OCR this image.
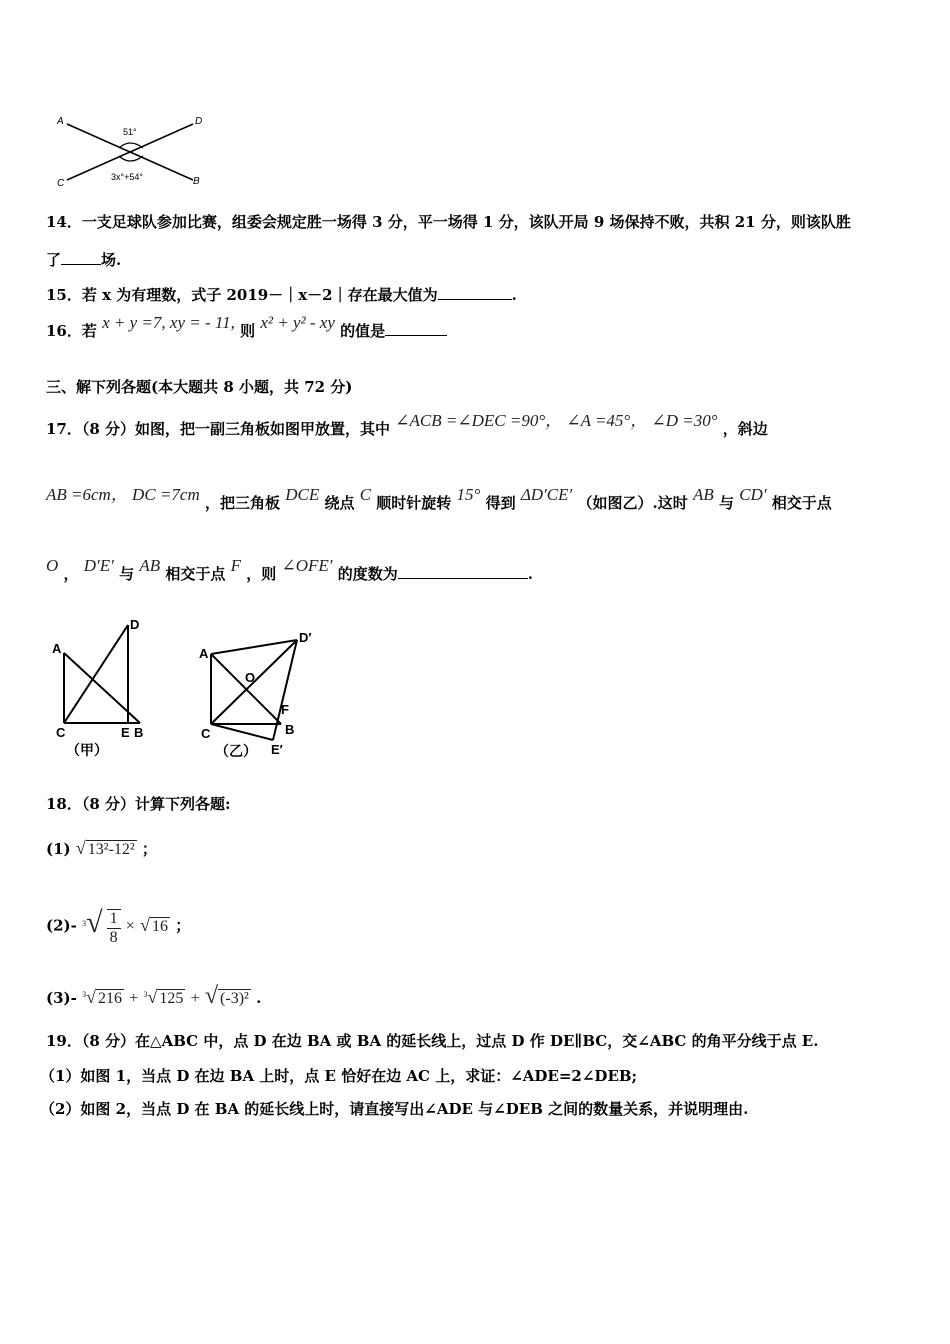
A	D
C	B
51°
3x°+54°
14．一支足球队参加比赛，组委会规定胜一场得 3 分，平一场得 1 分，该队开局 9 场保持不败，共积 21 分，则该队胜
了	场.
15．若 x 为有理数，式子 2019－｜x－2｜存在最大值为	.
16．若 x + y =7, xy = - 11, 则 x² + y² - xy 的值是
三、解下列各题(本大题共 8 小题，共 72 分)
17．（8 分）如图，把一副三角板如图甲放置，其中 ∠ACB =∠DEC =90°， ∠A =45°， ∠D =30° ，斜边
AB =6cm， DC =7cm ，把三角板 DCE 绕点 C 顺时针旋转 15° 得到 ΔD′CE′ （如图乙）.这时 AB 与 CD′ 相交于点
O ， D′E′ 与 AB 相交于点 F ，则 ∠OFE′ 的度数为	.
A
D
C	E B
（甲）
A
D′
O
F
C	B
E′
（乙）
18．（8 分）计算下列各题:
(1) √ 13²-12² ；
(2)- $^3√ \frac{1}{8}$ × √ 16 ；
(3)- $^3$√ 216 + $^3$√ 125 + √ (-3)² .
19．（8 分）在△ABC 中，点 D 在边 BA 或 BA 的延长线上，过点 D 作 DE∥BC，交∠ABC 的角平分线于点 E.
（1）如图 1，当点 D 在边 BA 上时，点 E 恰好在边 AC 上，求证：∠ADE=2∠DEB;
（2）如图 2，当点 D 在 BA 的延长线上时，请直接写出∠ADE 与∠DEB 之间的数量关系，并说明理由.
